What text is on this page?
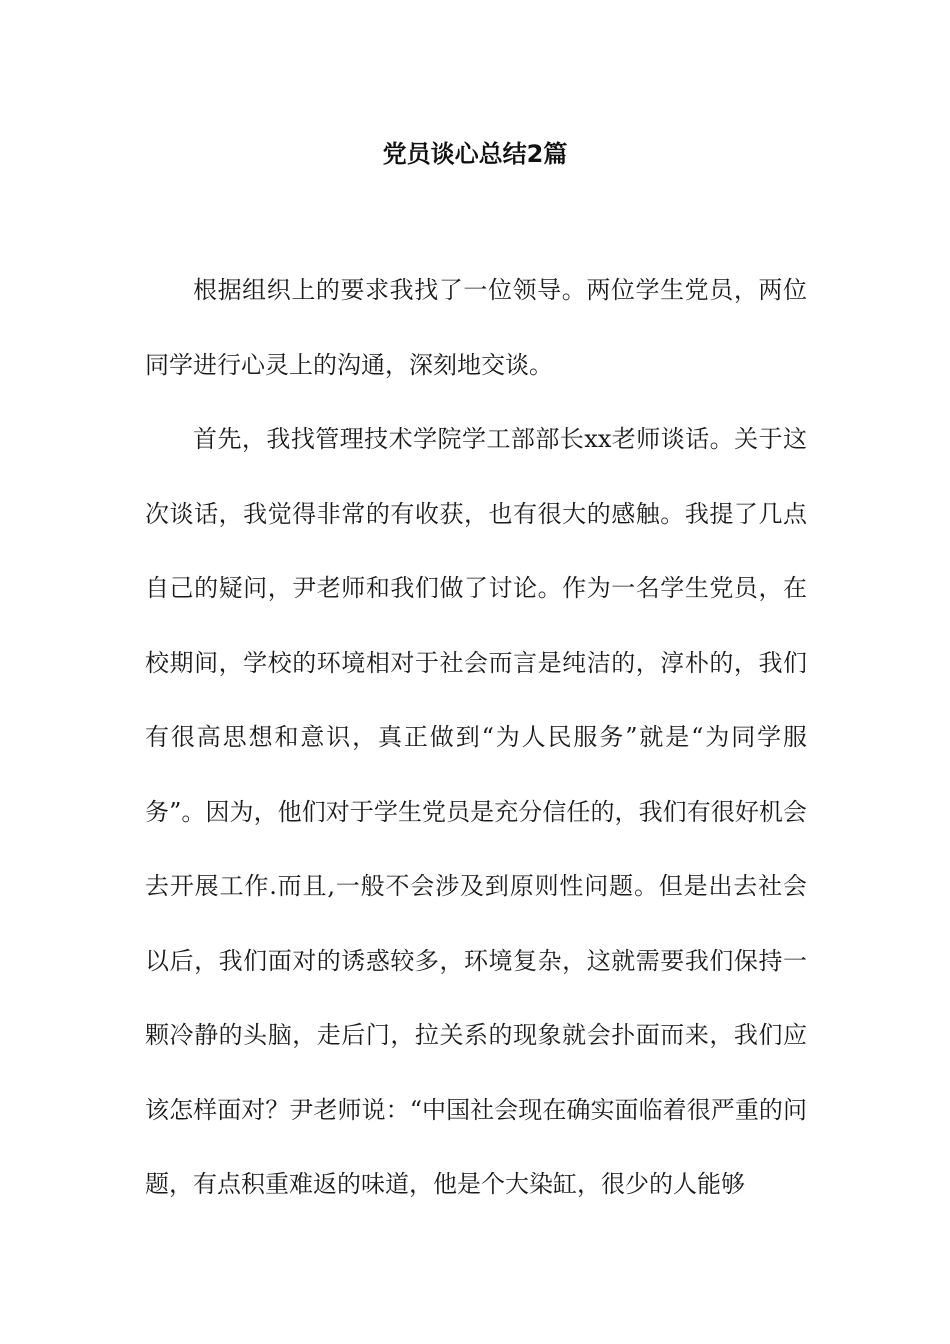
党员谈心总结2篇

根据组织上的要求我找了一位领导。两位学生党员，两位同学进行心灵上的沟通，深刻地交谈。

首先，我找管理技术学院学工部部长xx老师谈话。关于这次谈话，我觉得非常的有收获，也有很大的感触。我提了几点自己的疑问，尹老师和我们做了讨论。作为一名学生党员，在校期间，学校的环境相对于社会而言是纯洁的，淳朴的，我们有很高思想和意识，真正做到“为人民服务”就是“为同学服务”。因为，他们对于学生党员是充分信任的，我们有很好机会去开展工作.而且,一般不会涉及到原则性问题。但是出去社会以后，我们面对的诱惑较多，环境复杂，这就需要我们保持一颗冷静的头脑，走后门，拉关系的现象就会扑面而来，我们应该怎样面对？尹老师说：“中国社会现在确实面临着很严重的问题，有点积重难返的味道，他是个大染缸，很少的人能够
